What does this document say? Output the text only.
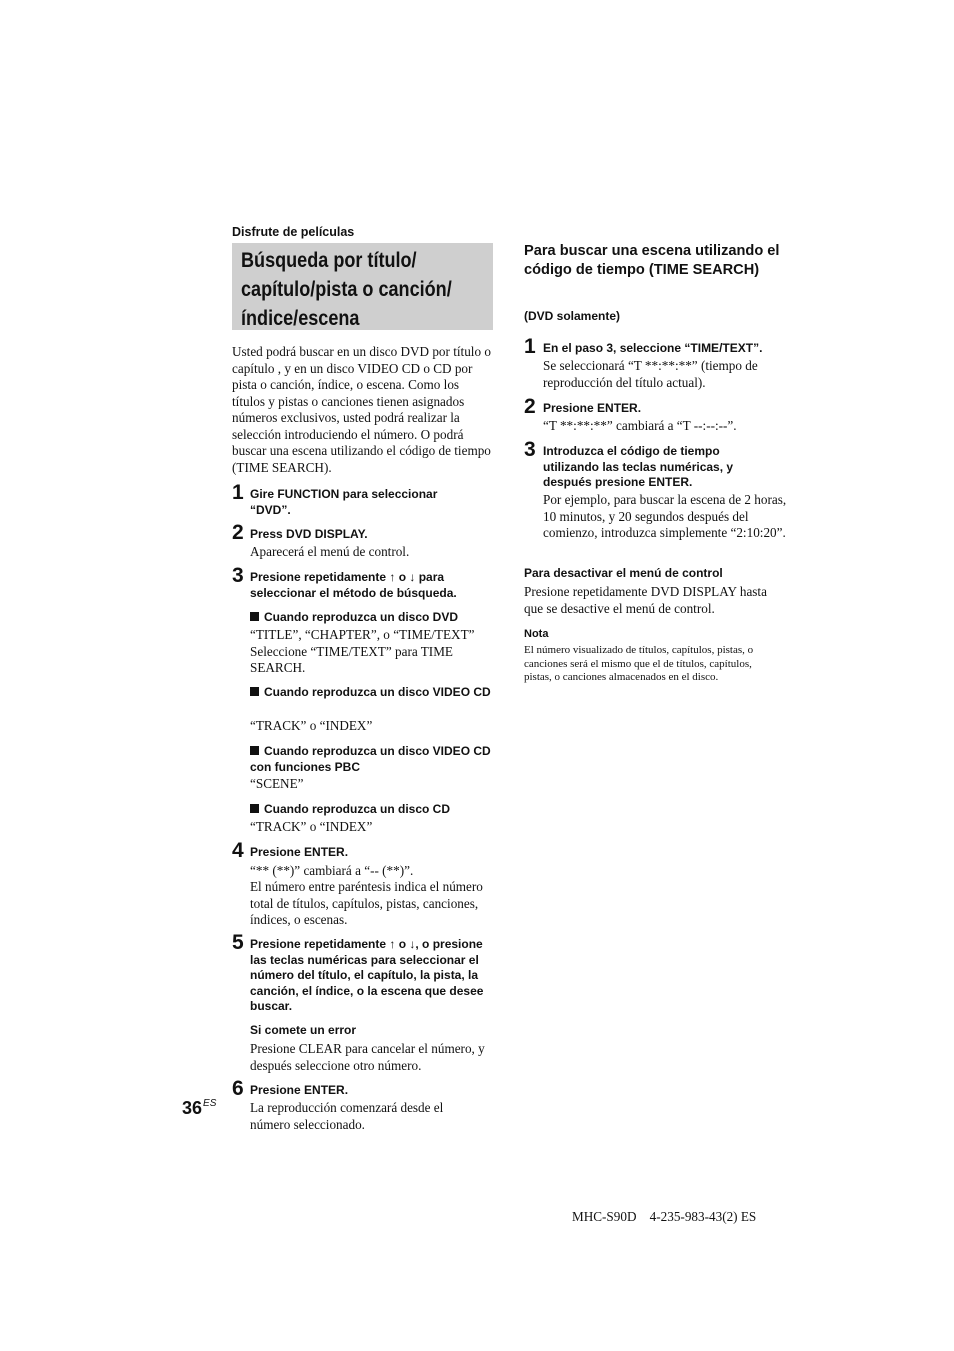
Disfrute de películas
Búsqueda por título/
capítulo/pista o canción/
índice/escena
Usted podrá buscar en un disco DVD por título o capítulo , y en un disco VIDEO CD o CD por pista o canción, índice, o escena. Como los títulos y pistas o canciones tienen asignados números exclusivos, usted podrá realizar la selección introduciendo el número. O podrá buscar una escena utilizando el código de tiempo (TIME SEARCH).
1 Gire FUNCTION para seleccionar “DVD”.
2 Press DVD DISPLAY.
Aparecerá el menú de control.
3 Presione repetidamente ↑ o ↓ para seleccionar el método de búsqueda.
Cuando reproduzca un disco DVD
“TITLE”, “CHAPTER”, o “TIME/TEXT” Seleccione “TIME/TEXT” para TIME SEARCH.
Cuando reproduzca un disco VIDEO CD
“TRACK” o “INDEX”
Cuando reproduzca un disco VIDEO CD con funciones PBC
“SCENE”
Cuando reproduzca un disco CD
“TRACK” o “INDEX”
4 Presione ENTER.
“** (**)” cambiará a “-- (**)”.
El número entre paréntesis indica el número total de títulos, capítulos, pistas, canciones, índices, o escenas.
5 Presione repetidamente ↑ o ↓, o presione las teclas numéricas para seleccionar el número del título, el capítulo, la pista, la canción, el índice, o la escena que desee buscar.
Si comete un error
Presione CLEAR para cancelar el número, y después seleccione otro número.
6 Presione ENTER.
La reproducción comenzará desde el número seleccionado.
Para buscar una escena utilizando el código de tiempo (TIME SEARCH)
(DVD solamente)
1 En el paso 3, seleccione “TIME/TEXT”.
Se seleccionará “T **:**:**” (tiempo de reproducción del título actual).
2 Presione ENTER.
“T **:**:**” cambiará a “T --:--:--”.
3 Introduzca el código de tiempo utilizando las teclas numéricas, y después presione ENTER.
Por ejemplo, para buscar la escena de 2 horas, 10 minutos, y 20 segundos después del comienzo, introduzca simplemente “2:10:20”.
Para desactivar el menú de control
Presione repetidamente DVD DISPLAY hasta que se desactive el menú de control.
Nota
El número visualizado de títulos, capítulos, pistas, o canciones será el mismo que el de títulos, capítulos, pistas, o canciones almacenados en el disco.
$36^{ES}$
MHC-S90D    4-235-983-43(2) ES
